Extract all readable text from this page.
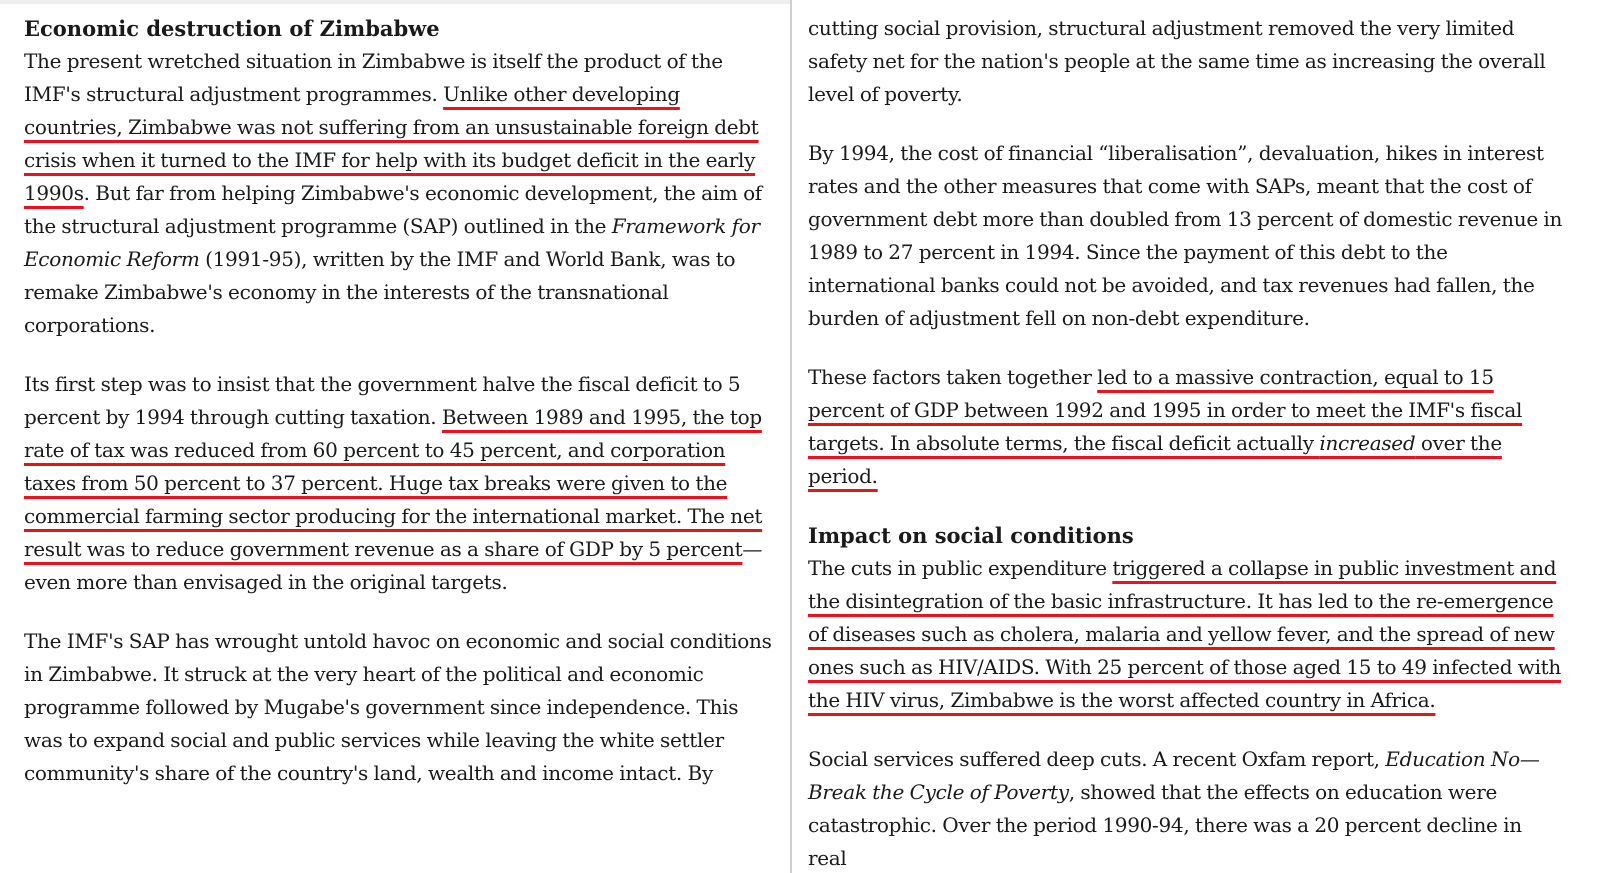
Economic destruction of Zimbabwe

The present wretched situation in Zimbabwe is itself the product of the IMF's structural adjustment programmes. Unlike other developing countries, Zimbabwe was not suffering from an unsustainable foreign debt crisis when it turned to the IMF for help with its budget deficit in the early 1990s. But far from helping Zimbabwe's economic development, the aim of the structural adjustment programme (SAP) outlined in the Framework for Economic Reform (1991-95), written by the IMF and World Bank, was to remake Zimbabwe's economy in the interests of the transnational corporations.

Its first step was to insist that the government halve the fiscal deficit to 5 percent by 1994 through cutting taxation. Between 1989 and 1995, the top rate of tax was reduced from 60 percent to 45 percent, and corporation taxes from 50 percent to 37 percent. Huge tax breaks were given to the commercial farming sector producing for the international market. The net result was to reduce government revenue as a share of GDP by 5 percent—even more than envisaged in the original targets.

The IMF's SAP has wrought untold havoc on economic and social conditions in Zimbabwe. It struck at the very heart of the political and economic programme followed by Mugabe's government since independence. This was to expand social and public services while leaving the white settler community's share of the country's land, wealth and income intact. By

cutting social provision, structural adjustment removed the very limited safety net for the nation's people at the same time as increasing the overall level of poverty.

By 1994, the cost of financial “liberalisation”, devaluation, hikes in interest rates and the other measures that come with SAPs, meant that the cost of government debt more than doubled from 13 percent of domestic revenue in 1989 to 27 percent in 1994. Since the payment of this debt to the international banks could not be avoided, and tax revenues had fallen, the burden of adjustment fell on non-debt expenditure.

These factors taken together led to a massive contraction, equal to 15 percent of GDP between 1992 and 1995 in order to meet the IMF's fiscal targets. In absolute terms, the fiscal deficit actually increased over the period.

Impact on social conditions

The cuts in public expenditure triggered a collapse in public investment and the disintegration of the basic infrastructure. It has led to the re-emergence of diseases such as cholera, malaria and yellow fever, and the spread of new ones such as HIV/AIDS. With 25 percent of those aged 15 to 49 infected with the HIV virus, Zimbabwe is the worst affected country in Africa.

Social services suffered deep cuts. A recent Oxfam report, Education No—Break the Cycle of Poverty, showed that the effects on education were catastrophic. Over the period 1990-94, there was a 20 percent decline in real
